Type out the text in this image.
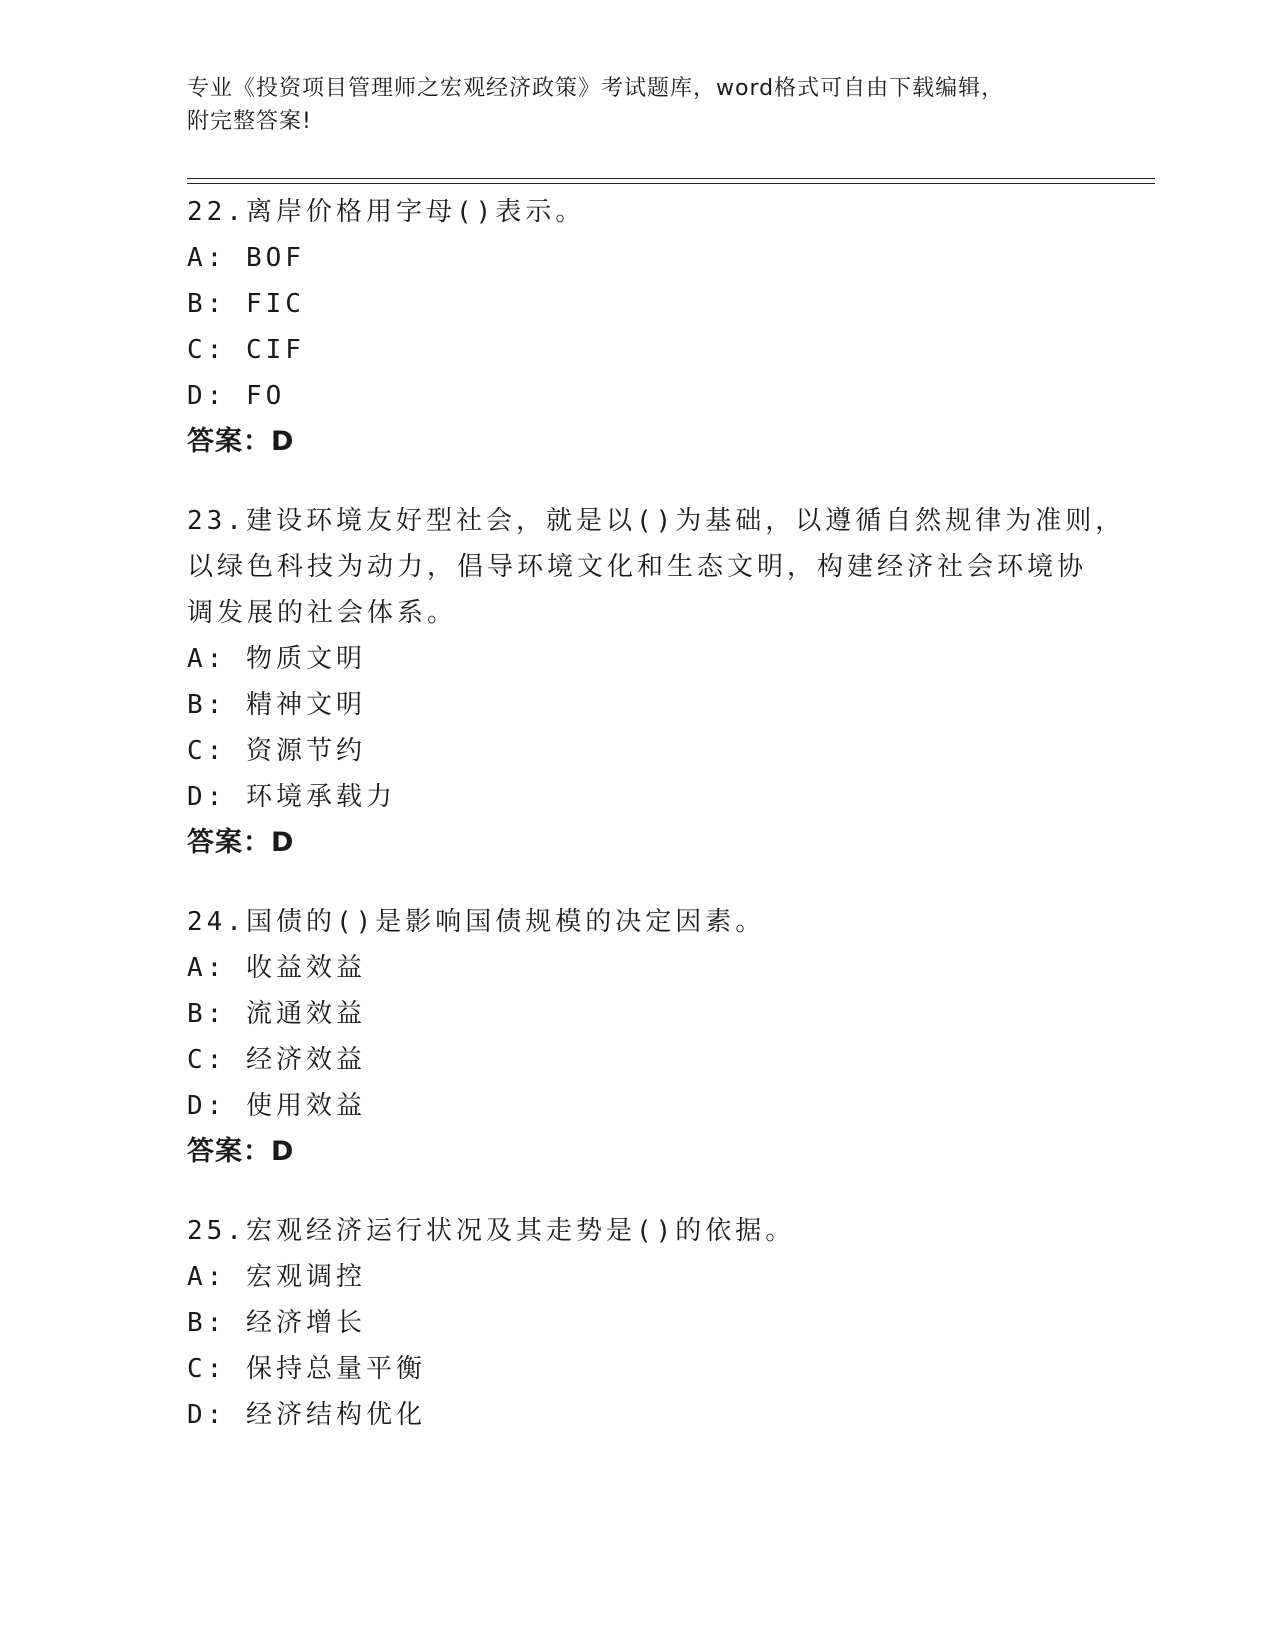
专业《投资项目管理师之宏观经济政策》考试题库，word格式可自由下载编辑，
附完整答案!
22.离岸价格用字母()表示。
A: BOF
B: FIC
C: CIF
D: FO
答案：D
23.建设环境友好型社会，就是以()为基础，以遵循自然规律为准则，
以绿色科技为动力，倡导环境文化和生态文明，构建经济社会环境协
调发展的社会体系。
A: 物质文明
B: 精神文明
C: 资源节约
D: 环境承载力
答案：D
24.国债的()是影响国债规模的决定因素。
A: 收益效益
B: 流通效益
C: 经济效益
D: 使用效益
答案：D
25.宏观经济运行状况及其走势是()的依据。
A: 宏观调控
B: 经济增长
C: 保持总量平衡
D: 经济结构优化
